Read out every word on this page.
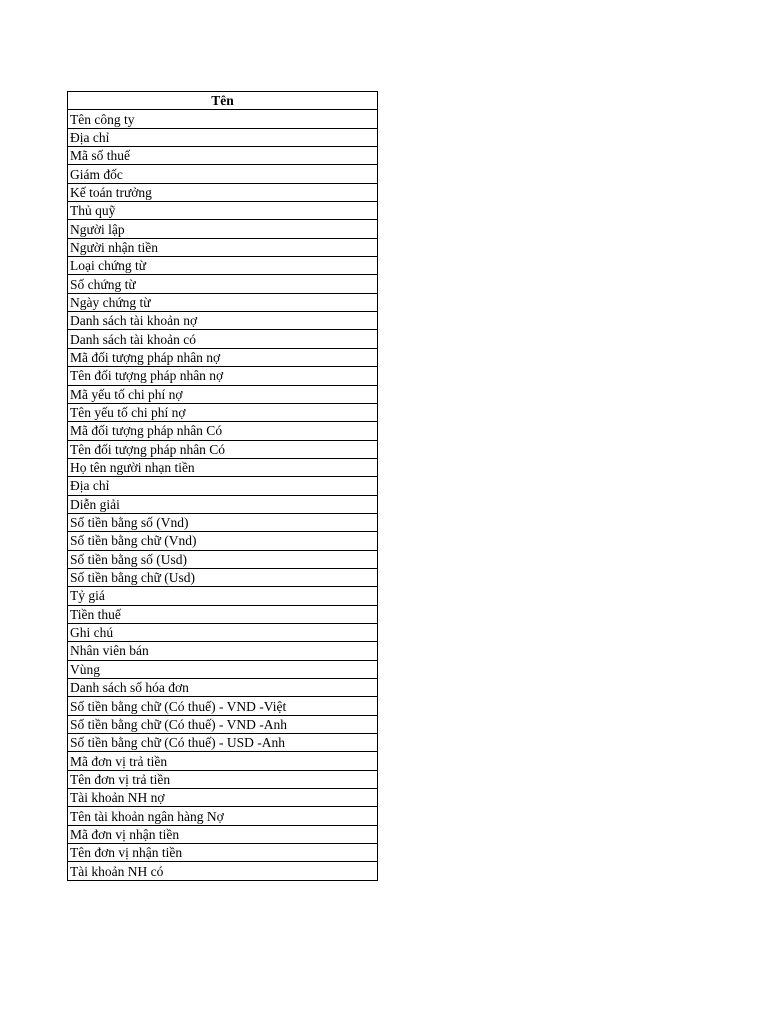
Tên
Tên công ty
Địa chỉ
Mã số thuế
Giám đốc
Kế toán trưởng
Thủ quỹ
Người lập
Người nhận tiền
Loại chứng từ
Số chứng từ
Ngày chứng từ
Danh sách tài khoản nợ
Danh sách tài khoản có
Mã đối tượng pháp nhân nợ
Tên đối tượng pháp nhân nợ
Mã yếu tố chi phí nợ
Tên yếu tố chi phí nợ
Mã đối tượng pháp nhân Có
Tên đối tượng pháp nhân Có
Họ tên người nhạn tiền
Địa chỉ
Diễn giải
Số tiền bằng số (Vnd)
Số tiền bằng chữ (Vnd)
Số tiền bằng số (Usd)
Số tiền bằng chữ (Usd)
Tỷ giá
Tiền thuế
Ghi chú
Nhân viên bán
Vùng
Danh sách số hóa đơn
Số tiền bằng chữ (Có thuế) - VND -Việt
Số tiền bằng chữ (Có thuế) - VND -Anh
Số tiền bằng chữ (Có thuế) - USD -Anh
Mã đơn vị trả tiền
Tên đơn vị trả tiền
Tài khoản NH nợ
Tên tài khoản ngân hàng Nợ
Mã đơn vị nhận tiền
Tên đơn vị nhận tiền
Tài khoản NH có
